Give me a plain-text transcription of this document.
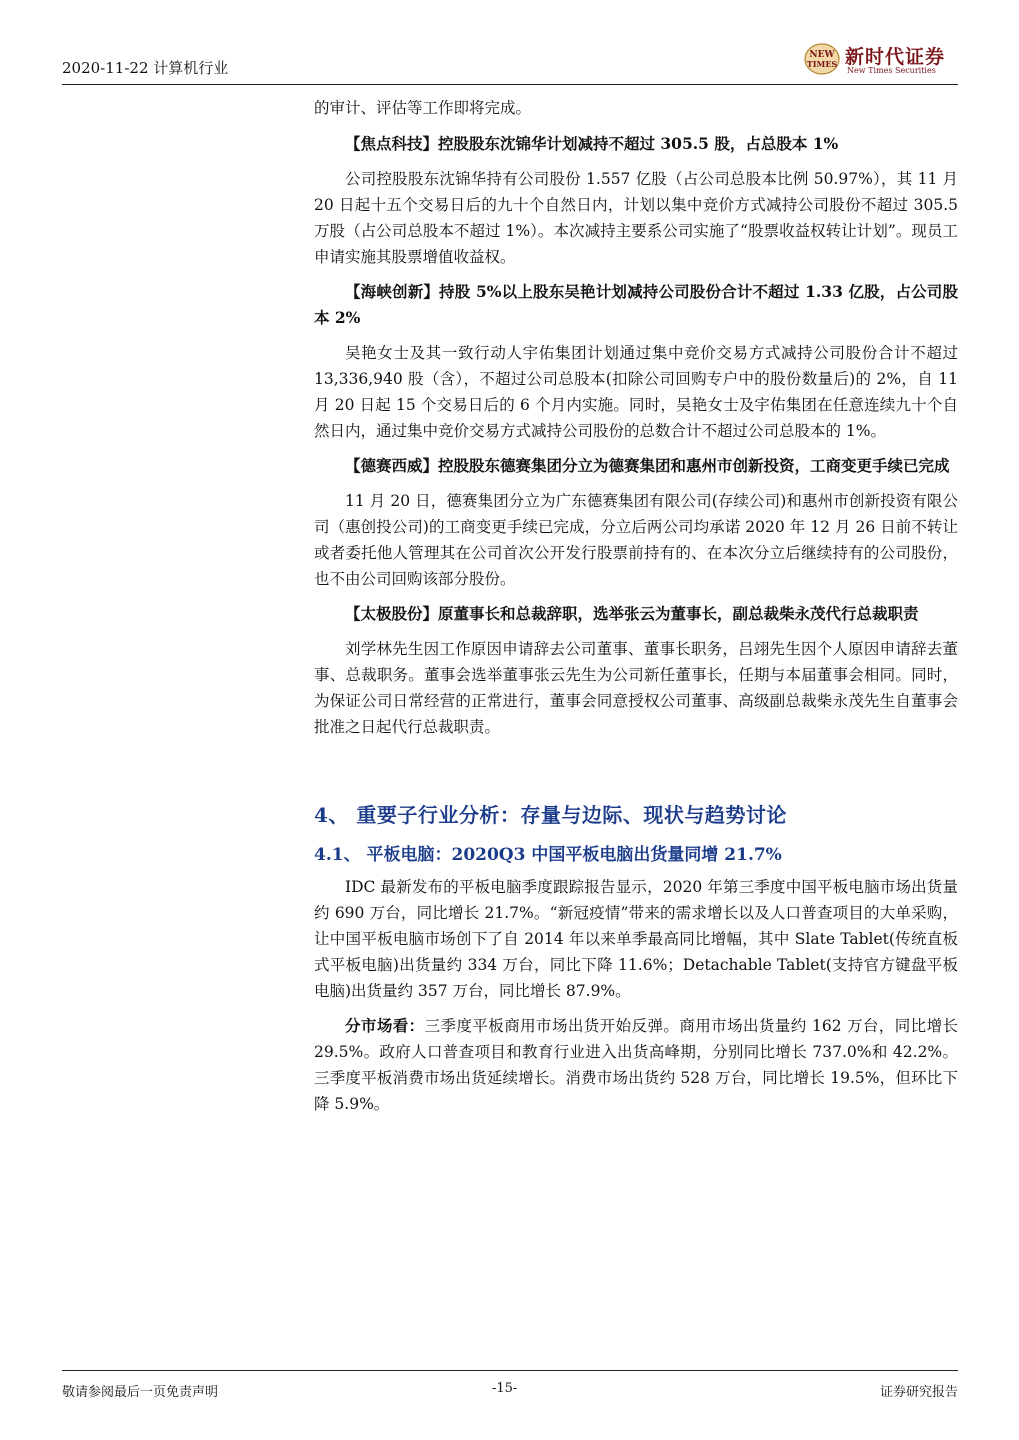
2020-11-22 计算机行业
NEW
TIMES 新时代证券
New Times Securities

的审计、评估等工作即将完成。

【焦点科技】控股股东沈锦华计划减持不超过 305.5 股，占总股本 1%

公司控股股东沈锦华持有公司股份 1.557 亿股（占公司总股本比例 50.97%），其 11 月 20 日起十五个交易日后的九十个自然日内，计划以集中竞价方式减持公司股份不超过 305.5 万股（占公司总股本不超过 1%）。本次减持主要系公司实施了“股票收益权转让计划”。现员工申请实施其股票增值收益权。

【海峡创新】持股 5%以上股东吴艳计划减持公司股份合计不超过 1.33 亿股，占公司股本 2%

吴艳女士及其一致行动人宇佑集团计划通过集中竞价交易方式减持公司股份合计不超过 13,336,940 股（含），不超过公司总股本(扣除公司回购专户中的股份数量后)的 2%，自 11 月 20 日起 15 个交易日后的 6 个月内实施。同时，吴艳女士及宇佑集团在任意连续九十个自然日内，通过集中竞价交易方式减持公司股份的总数合计不超过公司总股本的 1%。

【德赛西威】控股股东德赛集团分立为德赛集团和惠州市创新投资，工商变更手续已完成

11 月 20 日，德赛集团分立为广东德赛集团有限公司(存续公司)和惠州市创新投资有限公司（惠创投公司)的工商变更手续已完成，分立后两公司均承诺 2020 年 12 月 26 日前不转让或者委托他人管理其在公司首次公开发行股票前持有的、在本次分立后继续持有的公司股份，也不由公司回购该部分股份。

【太极股份】原董事长和总裁辞职，选举张云为董事长，副总裁柴永茂代行总裁职责

刘学林先生因工作原因申请辞去公司董事、董事长职务，吕翊先生因个人原因申请辞去董事、总裁职务。董事会选举董事张云先生为公司新任董事长，任期与本届董事会相同。同时，为保证公司日常经营的正常进行，董事会同意授权公司董事、高级副总裁柴永茂先生自董事会批准之日起代行总裁职责。

4、 重要子行业分析：存量与边际、现状与趋势讨论

4.1、 平板电脑：2020Q3 中国平板电脑出货量同增 21.7%

IDC 最新发布的平板电脑季度跟踪报告显示，2020 年第三季度中国平板电脑市场出货量约 690 万台，同比增长 21.7%。“新冠疫情”带来的需求增长以及人口普查项目的大单采购，让中国平板电脑市场创下了自 2014 年以来单季最高同比增幅，其中 Slate Tablet(传统直板式平板电脑)出货量约 334 万台，同比下降 11.6%；Detachable Tablet(支持官方键盘平板电脑)出货量约 357 万台，同比增长 87.9%。

分市场看：三季度平板商用市场出货开始反弹。商用市场出货量约 162 万台，同比增长 29.5%。政府人口普查项目和教育行业进入出货高峰期，分别同比增长 737.0%和 42.2%。三季度平板消费市场出货延续增长。消费市场出货约 528 万台，同比增长 19.5%，但环比下降 5.9%。

敬请参阅最后一页免责声明	-15-	证券研究报告
